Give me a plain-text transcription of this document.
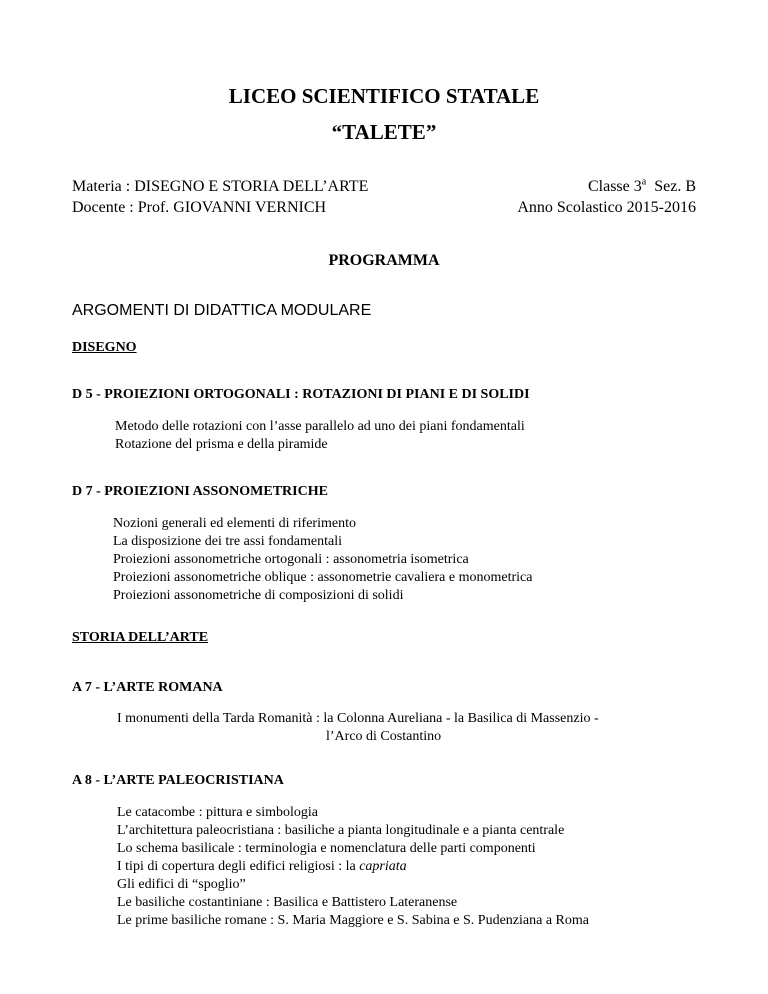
LICEO SCIENTIFICO STATALE
“TALETE”
Materia : DISEGNO E STORIA DELL’ARTE
Docente : Prof. GIOVANNI VERNICH
Classe 3$^a$  Sez. B
Anno Scolastico 2015-2016
PROGRAMMA
ARGOMENTI DI DIDATTICA MODULARE
DISEGNO
D 5 - PROIEZIONI ORTOGONALI : ROTAZIONI DI PIANI E DI SOLIDI
Metodo delle rotazioni con l’asse parallelo ad uno dei piani fondamentali
Rotazione del prisma e della piramide
D 7 - PROIEZIONI ASSONOMETRICHE
Nozioni generali ed elementi di riferimento
La disposizione dei tre assi fondamentali
Proiezioni assonometriche ortogonali : assonometria isometrica
Proiezioni assonometriche oblique : assonometrie cavaliera e monometrica
Proiezioni assonometriche di composizioni di solidi
STORIA DELL’ARTE
A 7 - L’ARTE ROMANA
I monumenti della Tarda Romanità : la Colonna Aureliana - la Basilica di Massenzio -
l’Arco di Costantino
A 8 - L’ARTE PALEOCRISTIANA
Le catacombe : pittura e simbologia
L’architettura paleocristiana : basiliche a pianta longitudinale e a pianta centrale
Lo schema basilicale : terminologia e nomenclatura delle parti componenti
I tipi di copertura degli edifici religiosi : la capriata
Gli edifici di “spoglio”
Le basiliche costantiniane : Basilica e Battistero Lateranense
Le prime basiliche romane : S. Maria Maggiore e S. Sabina e S. Pudenziana a Roma
